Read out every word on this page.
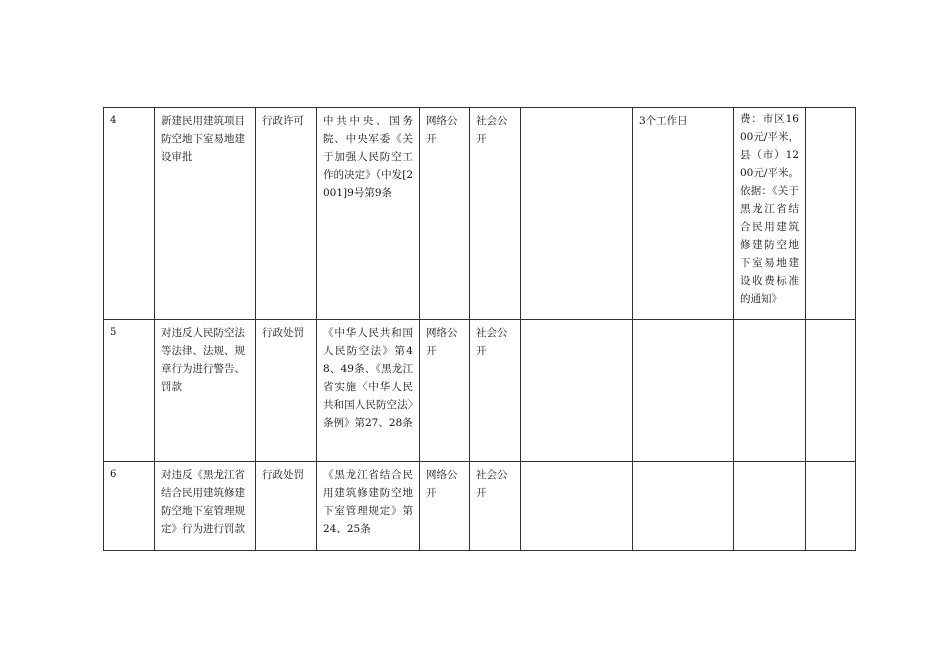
4	新建民用建筑项目防空地下室易地建设审批	行政许可	中共中央、国务院、中央军委《关于加强人民防空工作的决定》（中发[2001]9号第9条	网络公开	社会公开		3个工作日	费：市区1600元/平米，县（市）1200元/平米。依据：《关于黑龙江省结合民用建筑修建防空地下室易地建设收费标准的通知》	

5	对违反人民防空法等法律、法规、规章行为进行警告、罚款	行政处罚	《中华人民共和国人民防空法》第48、49条、《黑龙江省实施〈中华人民共和国人民防空法〉条例》第27、28条	网络公开	社会公开				

6	对违反《黑龙江省结合民用建筑修建防空地下室管理规定》行为进行罚款	行政处罚	《黑龙江省结合民用建筑修建防空地下室管理规定》第24、25条	网络公开	社会公开				
